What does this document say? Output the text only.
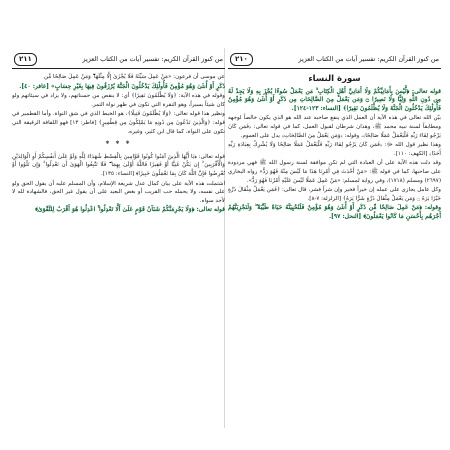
من كنوز القرآن الكريم: تفسير آيات من الكتاب العزيز
٢١١

عن موسى أن فرعون: «مَنْ عَمِلَ سَيِّئَةً فَلَا يُجْزَىٰ إِلَّا مِثْلَهَا ۖ وَمَنْ عَمِلَ صَالِحًا مِّن

ذَكَرٍ أَوْ أُنثَىٰ وَهُوَ مُؤْمِنٌ فَأُولَٰئِكَ يَدْخُلُونَ الْجَنَّةَ يُرْزَقُونَ فِيهَا بِغَيْرِ حِسَابٍ» [غافر: ٤٠].

وقوله في هذه الآية: ﴿وَلَا يُظْلَمُونَ نَقِيرًا﴾ أي: لا ينقص من حسناتهم، ولا يزاد في سيئاتهم ولو كان شيئاً يسيراً، وهو النقرة التي تكون في ظهر نواة التمر.

ونظير هذا قوله تعالى: ﴿وَلَا يُظْلَمُونَ فَتِيلًا﴾، هو الخيط الذي في شق النواة. وأما القطمير في قوله: ﴿وَالَّذِينَ تَدْعُونَ مِن دُونِهِ مَا يَمْلِكُونَ مِن قِطْمِيرٍ﴾ [فاطر: ١٣] فهو اللفافة الرقيقة التي تكون على النواة، كما قال ابن كثير، وغيره.

* * *

قوله تعالى: ﴿يَا أَيُّهَا الَّذِينَ آمَنُوا كُونُوا قَوَّامِينَ بِالْقِسْطِ شُهَدَاءَ لِلَّهِ وَلَوْ عَلَىٰ أَنفُسِكُمْ أَوِ الْوَالِدَيْنِ وَالْأَقْرَبِينَ ۚ إِن يَكُنْ غَنِيًّا أَوْ فَقِيرًا فَاللَّهُ أَوْلَىٰ بِهِمَا ۖ فَلَا تَتَّبِعُوا الْهَوَىٰ أَن تَعْدِلُوا ۚ وَإِن تَلْوُوا أَوْ تُعْرِضُوا فَإِنَّ اللَّهَ كَانَ بِمَا تَعْمَلُونَ خَبِيرًا﴾ [النساء: ١٣٥].

اشتملت هذه الآية على بيان كمال عدل شريعة الإسلام، وأن المسلم عليه أن يقول الحق ولو على نفسه، ولا يحمله حب القريب أو بغض البعيد على أن يقول غير الحق، فالشهادة لله لا لأحد سواه.

قوله تعالى: ﴿وَلَا يَجْرِمَنَّكُمْ شَنَآنُ قَوْمٍ عَلَىٰ أَلَّا تَعْدِلُوا ۚ اعْدِلُوا هُوَ أَقْرَبُ لِلتَّقْوَىٰ﴾

من كنوز القرآن الكريم: تفسير آيات من الكتاب العزيز
٢١٠
سورة النساء

قوله تعالى: ﴿لَّيْسَ بِأَمَانِيِّكُمْ وَلَا أَمَانِيِّ أَهْلِ الْكِتَابِ ۗ مَن يَعْمَلْ سُوءًا يُجْزَ بِهِ وَلَا يَجِدْ لَهُ مِن دُونِ اللَّهِ وَلِيًّا وَلَا نَصِيرًا ۝ وَمَن يَعْمَلْ مِنَ الصَّالِحَاتِ مِن ذَكَرٍ أَوْ أُنثَىٰ وَهُوَ مُؤْمِنٌ فَأُولَٰئِكَ يَدْخُلُونَ الْجَنَّةَ وَلَا يُظْلَمُونَ نَقِيرًا﴾ [النساء: ١٢٣-١٢٤].

بيّن الله تعالى في هذه الآية أن العمل الذي ينفع صاحبه عند الله هو الذي يكون خالصاً لوجهه ومطابقاً لسنة نبيه محمد ﷺ، وهذان شرطان لقبول العمل، كما في قوله تعالى: ﴿فَمَن كَانَ يَرْجُو لِقَاءَ رَبِّهِ فَلْيَعْمَلْ عَمَلًا صَالِحًا﴾، وقوله: ﴿وَمَن يَعْمَلْ مِنَ الصَّالِحَاتِ﴾ يدل على العموم.

وهذا نظير قول الله ﷻ: ﴿فَمَن كَانَ يَرْجُو لِقَاءَ رَبِّهِ فَلْيَعْمَلْ عَمَلًا صَالِحًا وَلَا يُشْرِكْ بِعِبَادَةِ رَبِّهِ أَحَدًا﴾ [الكهف: ١١٠].

وقد دلت هذه الآية على أن العبادة التي لم تكن موافقة لسنة رسول الله ﷺ فهي مردودة على صاحبها، كما في قوله ﷺ: «مَنْ أَحْدَثَ فِي أَمْرِنَا هَذَا مَا لَيْسَ مِنْهُ فَهُوَ رَدٌّ» رواه البخاري (٢٦٩٧) ومسلم (١٧١٨)، وفي رواية لمسلم: «مَنْ عَمِلَ عَمَلًا لَيْسَ عَلَيْهِ أَمْرُنَا فَهُوَ رَدٌّ».

وكل عامل يجازى على عمله إن خيراً فخير وإن شراً فشر، قال تعالى: ﴿فَمَن يَعْمَلْ مِثْقَالَ ذَرَّةٍ خَيْرًا يَرَهُ ۝ وَمَن يَعْمَلْ مِثْقَالَ ذَرَّةٍ شَرًّا يَرَهُ﴾ [الزلزلة: ٧-٨].

وقوله: ﴿مَنْ عَمِلَ صَالِحًا مِّن ذَكَرٍ أَوْ أُنثَىٰ وَهُوَ مُؤْمِنٌ فَلَنُحْيِيَنَّهُ حَيَاةً طَيِّبَةً ۖ وَلَنَجْزِيَنَّهُمْ أَجْرَهُم بِأَحْسَنِ مَا كَانُوا يَعْمَلُونَ﴾ [النحل: ٩٧].
